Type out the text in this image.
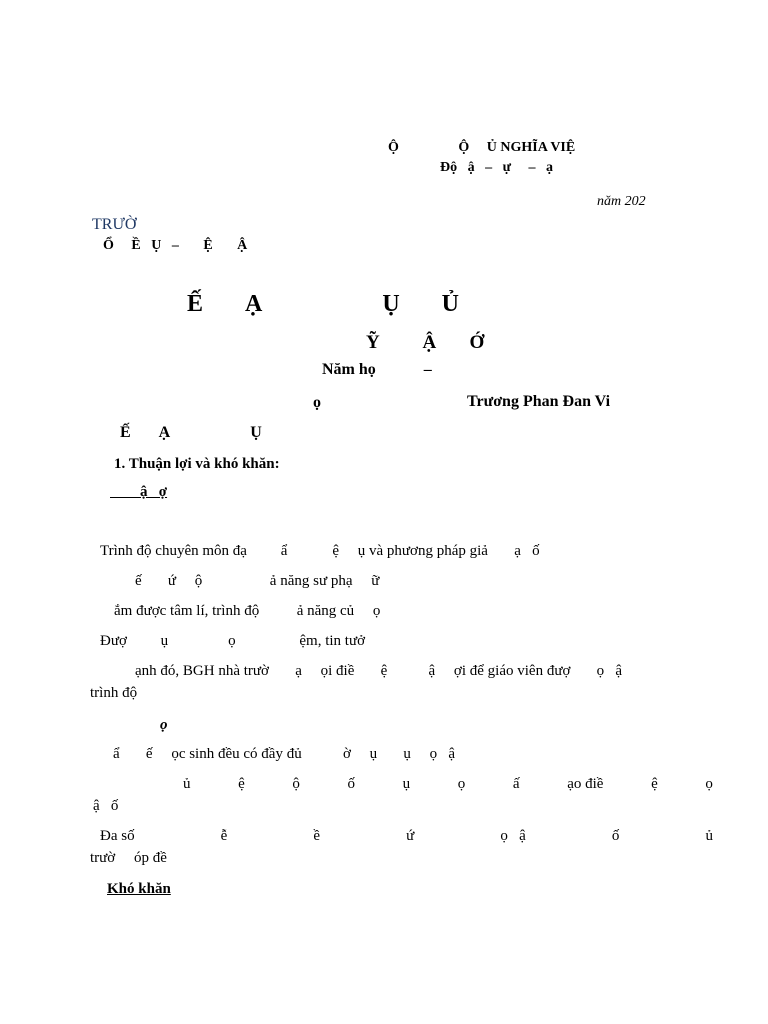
Ộ                 Ộ     Ủ NGHĨA VIỆ
Độ   ậ   –   ự     –   ạ
năm 202
TRƯỜ
Ổ     Ề   Ụ   –       Ệ       Ậ
Ế       Ạ                    Ụ       Ủ
Ỹ         Ậ       Ớ
Năm họ            –
ọ	Trương Phan Đan Vi
Ế       Ạ                    Ụ
1. Thuận lợi và khó khăn:
ậ   ợ
Trình độ chuyên môn đạ         ẩ            ệ     ụ và phương pháp giả       ạ   ố
ế       ứ     ộ                  ả năng sư phạ     ữ
ắm được tâm lí, trình độ          ả năng củ     ọ
Đượ         ụ                ọ                 ệm, tin tưở
ạnh đó, BGH nhà trườ       ạ     ọi điề       ệ           ậ     ợi để giáo viên đượ       ọ   ậ
trình độ
ọ
ẩ       ế     ọc sinh đều có đầy đủ           ờ     ụ       ụ     ọ   ậ
ủ	ệ	ộ	ố	ụ	ọ	ấ	ạo điề	ệ	ọ
ậ   ố
Đa số	ễ	ề	ứ	ọ   ậ	ố	ủ
trườ     óp đề
Khó khăn
